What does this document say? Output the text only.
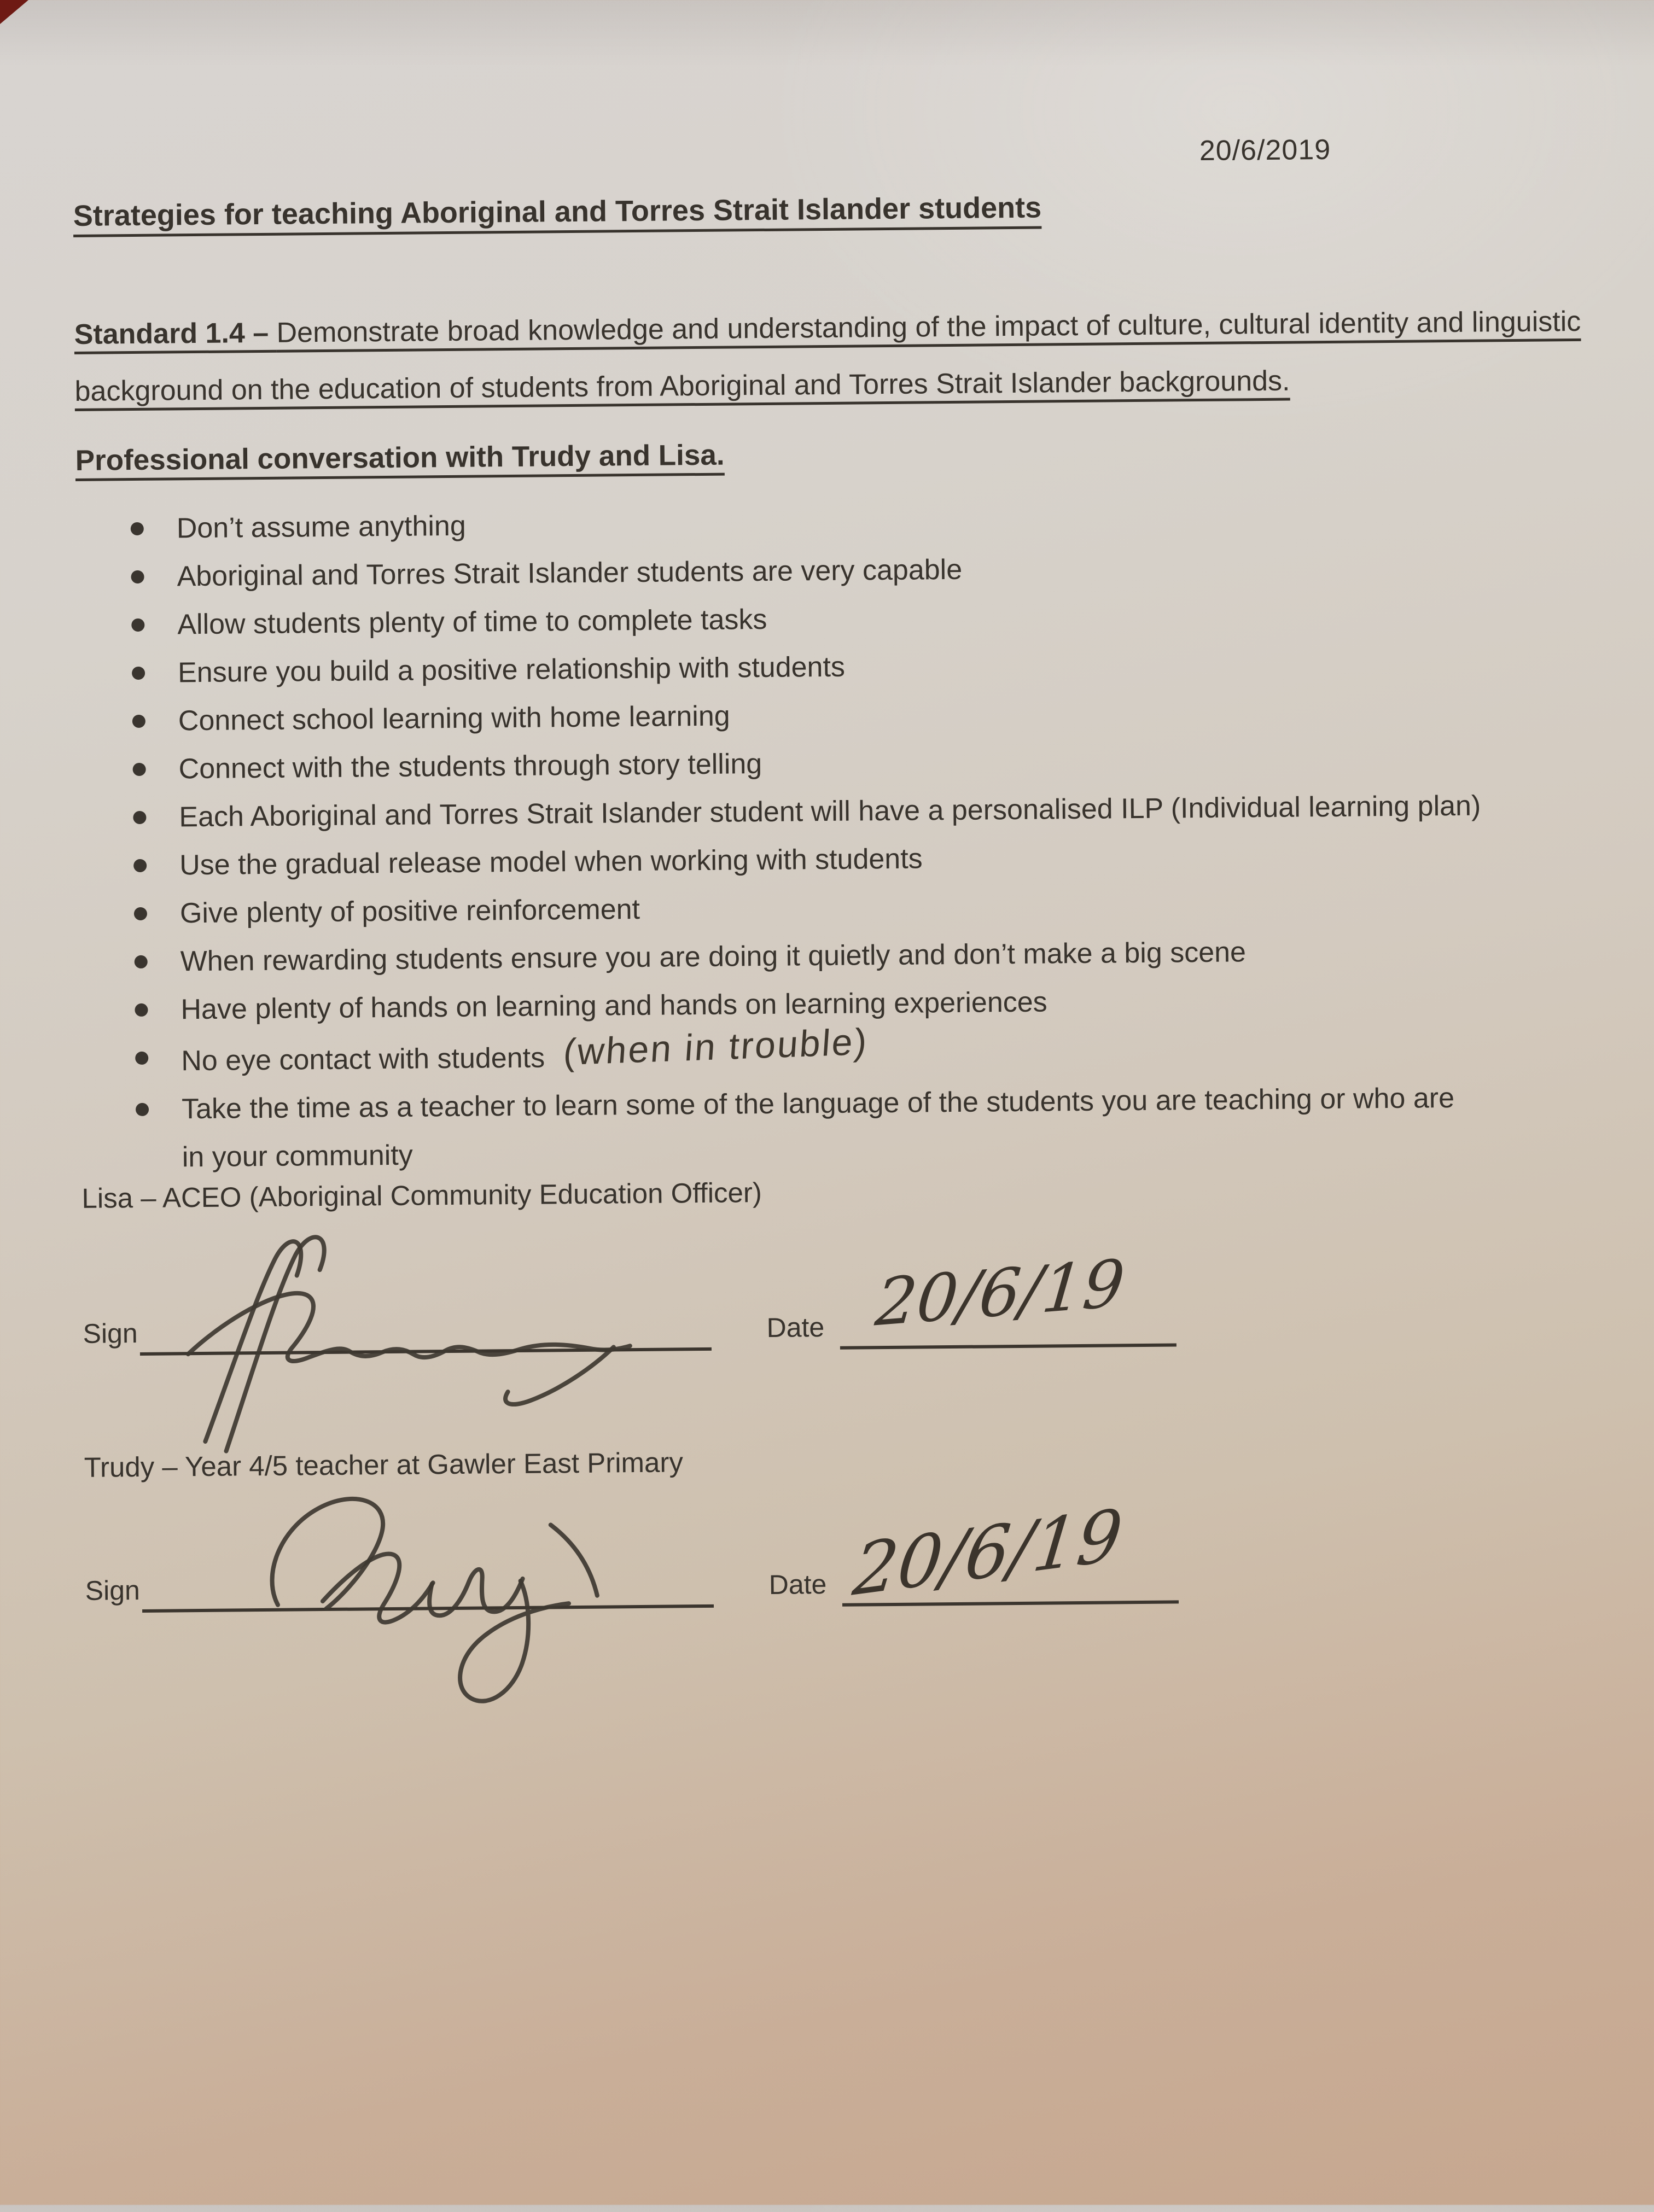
20/6/2019
Strategies for teaching Aboriginal and Torres Strait Islander students

Standard 1.4 – Demonstrate broad knowledge and understanding of the impact of culture, cultural identity and linguistic
background on the education of students from Aboriginal and Torres Strait Islander backgrounds.

Professional conversation with Trudy and Lisa.

Don’t assume anything
Aboriginal and Torres Strait Islander students are very capable
Allow students plenty of time to complete tasks
Ensure you build a positive relationship with students
Connect school learning with home learning
Connect with the students through story telling
Each Aboriginal and Torres Strait Islander student will have a personalised ILP (Individual learning plan)
Use the gradual release model when working with students
Give plenty of positive reinforcement
When rewarding students ensure you are doing it quietly and don’t make a big scene
Have plenty of hands on learning and hands on learning experiences
No eye contact with students (when in trouble)
Take the time as a teacher to learn some of the language of the students you are teaching or who are
in your community

Lisa – ACEO (Aboriginal Community Education Officer)

Sign	Date 20/6/19

Trudy – Year 4/5 teacher at Gawler East Primary

Sign	Date 20/6/19
